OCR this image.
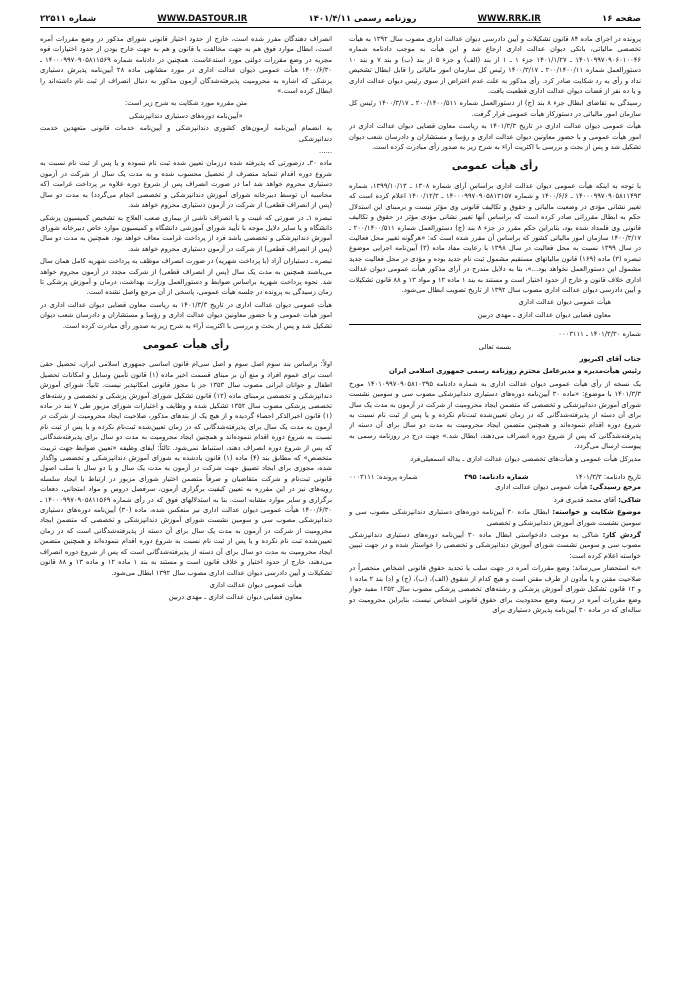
صفحه ۱۶
WWW.RRK.IR
روزنامه رسمی ۱۴۰۱/۴/۱۱
WWW.DASTOUR.IR
شماره ۲۲۵۱۱

پرونده در اجرای ماده ۸۴ قانون تشکیلات و آیین دادرسی دیوان عدالت اداری مصوب سال ۱۳۹۲ به هیأت تخصصی مالیاتی، بانکی دیوان عدالت اداری ارجاع شد و این هیأت به موجب دادنامه شماره ۱۴۰۱۰۹۹۷۰۹۰۶۰۱۰۰۴۶ ـ ۱۴۰۱/۱/۲۷ جزء ۱ ـ ۱ از بند (الف) و جزء ۵ از بند (ب) و بند ۷ و بند ۱۰ دستورالعمل شماره ۲۰۰/۱۴۰۰/۱۱ ـ ۱۴۰۰/۳/۱۷ رئیس کل سازمان امور مالیاتی را قابل ابطال تشخیص نداد و رأی به رد شکایت صادر کرد. رأی مذکور به علت عدم اعتراض از سوی رئیس دیوان عدالت اداری و یا ده نفر از قضات دیوان عدالت اداری قطعیت یافت.

رسیدگی به تقاضای ابطال جزء ۸ بند (ج) از دستورالعمل شماره ۲۰۰/۱۴۰۰/۵۱۱ ـ ۱۴۰۰/۳/۱۷ رئیس کل سازمان امور مالیاتی در دستورکار هیأت عمومی قرار گرفت.

هیأت عمومی دیوان عدالت اداری در تاریخ ۱۴۰۱/۳/۳ به ریاست معاون قضایی دیوان عدالت اداری در امور هیأت عمومی و با حضور معاونین دیوان عدالت اداری و رؤسا و مستشاران و دادرسان شعب دیوان تشکیل شد و پس از بحث و بررسی با اکثریت آراء به شرح زیر به صدور رأی مبادرت کرده است.

رأی هیأت عمومی

با توجه به اینکه هیأت عمومی دیوان عدالت اداری براساس آرای شماره ۱۳۰۸ ـ ۱۳۹۹/۱۰/۱۳، شماره ۱۴۰۰۰۹۹۷۰۹۰۵۸۱۱۴۹۳ ـ ۱۴۰۰/۶/۶ و شماره ۱۴۰۰۰۹۹۷۰۹۰۵۸۱۳۱۵۷ ـ ۱۴۰۰/۱۲/۳ اعلام کرده است که تغییر نشانی مؤدی در وضعیت مالیاتی و حقوق و تکالیف قانونی وی مؤثر نیست و برمبنای این استدلال حکم به ابطال مقرراتی صادر کرده است که براساس آنها تغییر نشانی مؤدی مؤثر در حقوق و تکالیف قانونی وی قلمداد شده بود، بنابراین حکم مقرر در جزء ۸ بند (ج) دستورالعمل شماره ۲۰۰/۱۴۰۰/۵۱۱ ـ ۱۴۰۰/۳/۱۷ سازمان امور مالیاتی کشور که براساس آن مقرر شده است که: «هرگونه تغییر محل فعالیت در سال ۱۳۹۹ نسبت به محل فعالیت در سال ۱۳۹۸ با رعایت مفاد ماده (۳) آیین‌نامه اجرایی موضوع تبصره (۳) ماده (۱۶۹) قانون مالیاتهای مستقیم مشمول ثبت نام جدید بوده و مؤدی در محل فعالیت جدید مشمول این دستورالعمل نخواهد بود...»، بنا به دلایل مندرج در آرای مذکور هیأت عمومی دیوان عدالت اداری خلاف قانون و خارج از حدود اختیار است و مستند به بند ۱ ماده ۱۲ و مواد ۱۳ و ۸۸ قانون تشکیلات و آیین دادرسی دیوان عدالت اداری مصوب سال ۱۳۹۲ از تاریخ تصویب ابطال می‌شود.

هیأت عمومی دیوان عدالت اداری

معاون قضایی دیوان عدالت اداری ـ مهدی دربین

شماره ۱۴۰۱/۳/۳۰ ـ ۰۰۰۳۱۱۱

بسمه تعالی

جناب آقای اکبرپور

رئیس هیأت‌مدیره و مدیرعامل محترم روزنامه رسمی جمهوری اسلامی ایران

یک نسخه از رأی هیأت عمومی دیوان عدالت اداری به شماره دادنامه ۱۴۰۱۰۹۹۷۰۹۰۵۸۱۰۳۹۵ مورخ ۱۴۰۱/۳/۳ با موضوع: «ماده ۳۰ آیین‌نامه دوره‌های دستیاری دندانپزشکی مصوب سی و سومین نشست شورای آموزش دندانپزشکی و تخصصی که متضمن ایجاد محرومیت از شرکت در آزمون به مدت یک سال برای آن دسته از پذیرفته‌شدگانی که در زمان تعیین‌شده ثبت‌نام نکرده و یا پس از ثبت نام نسبت به شروع دوره اقدام ننموده‌اند و همچنین متضمن ایجاد محرومیت به مدت دو سال برای آن دسته از پذیرفته‌شدگانی که پس از شروع دوره انصراف می‌دهند، ابطال شد.» جهت درج در روزنامه رسمی به پیوست ارسال می‌گردد.

مدیرکل هیأت عمومی و هیأت‌های تخصصی دیوان عدالت اداری ـ یداله اسمعیلی‌فرد

تاریخ دادنامه: ۱۴۰۱/۳/۳
شماره دادنامه: ۳۹۵
شماره پرونده: ۰۰۰۳۱۱۱

مرجع رسیدگی: هیأت عمومی دیوان عدالت اداری

شاکی: آقای محمد قدیری فرد

موضوع شکایت و خواسته: ابطال ماده ۳۰ آیین‌نامه دوره‌های دستیاری دندانپزشکی مصوب سی و سومین نشست شورای آموزش دندانپزشکی و تخصصی

گردش کار: شاکی به موجب دادخواستی ابطال ماده ۳۰ آیین‌نامه دوره‌های دستیاری دندانپزشکی مصوب سی و سومین نشست شورای آموزش دندانپزشکی و تخصصی را خواستار شده و در جهت تبیین خواسته اعلام کرده است:

«به استحضار می‌رساند: وضع مقررات آمره در جهت سلب یا تحدید حقوق قانونی اشخاص منحصراً در صلاحیت مقنن و یا مأذون از طرف مقنن است و هیچ کدام از شقوق (الف)، (ب)، (ج) و (د) بند ۲ ماده ۱ و ۱۲ قانون تشکیل شورای آموزش پزشکی و رشته‌های تخصصی پزشکی مصوب سال ۱۳۵۲ مفید جواز وضع مقررات آمره در زمینه وضع محدودیت برای حقوق قانونی اشخاص نیست، بنابراین محرومیت دو ساله‌ای که در ماده ۳۰ آیین‌نامه پذیرش دستیاری برای

انصراف دهندگان مقرر شده است، خارج از حدود اختیار قانونی شورای مذکور در وضع مقررات آمره است، ابطال موارد فوق هم به جهت مخالفت با قانون و هم به جهت خارج بودن از حدود اختیارات قوه مجریه در وضع مقررات دولتی مورد استدعاست. همچنین در دادنامه شماره ۱۴۰۰۰۹۹۷۰۹۰۵۸۱۱۵۶۹ ـ ۱۴۰۰/۶/۳۰ هیأت عمومی دیوان عدالت اداری در مورد مشابهی ماده ۲۸ آیین‌نامه پذیرش دستیاری پزشکی که اشاره به محرومیت پذیرفته‌شدگان آزمون مذکور به دنبال انصراف از ثبت نام داشته‌اند را ابطال کرده است.»

متن مقرره مورد شکایت به شرح زیر است:

«آیین‌نامه دوره‌های دستیاری دندانپزشکی

به انضمام آیین‌نامه آزمون‌های کشوری دندانپزشکی و آیین‌نامه خدمات قانونی متعهدین خدمت دندانپزشکی

......

ماده ۳۰ـ درصورتی که پذیرفته شده درزمان تعیین شده ثبت نام ننموده و یا پس از ثبت نام نسبت به شروع دوره اقدام ننماید منصرف از تحصیل محسوب شده و به مدت یک سال از شرکت در آزمون دستیاری محروم خواهد شد اما در صورت انصراف پس از شروع دوره علاوه بر پرداخت غرامت (که محاسبه آن توسط دبیرخانه شورای آموزش دندانپزشکی و تخصصی انجام می‌گردد) به مدت دو سال (پس از انصراف قطعی) از شرکت در آزمون دستیاری محروم خواهد شد.

تبصره ۱ـ در صورتی که غیبت و یا انصراف ناشی از بیماری صعب العلاج به تشخیص کمیسیون پزشکی دانشگاه و یا سایر دلایل موجه با تأیید شورای آموزشی دانشگاه و کمیسیون موارد خاص دبیرخانه شورای آموزش دندانپزشکی و تخصصی باشد فرد از پرداخت غرامت معاف خواهد بود. همچنین به مدت دو سال (پس از انصراف قطعی) از شرکت در آزمون دستیاری محروم خواهد شد.

تبصره ـ دستیاران آزاد (با پرداخت شهریه) در صورت انصراف موظف به پرداخت شهریه کامل همان سال می‌باشند همچنین به مدت یک سال (پس از انصراف قطعی) از شرکت مجدد در آزمون محروم خواهد شد. نحوه پرداخت شهریه براساس ضوابط و دستورالعمل وزارت بهداشت، درمان و آموزش پزشکی تا زمان رسیدگی به پرونده در جلسه هیأت عمومی، پاسخی از آن مرجع واصل نشده است.

هیأت عمومی دیوان عدالت اداری در تاریخ ۱۴۰۱/۳/۳ به ریاست معاون قضایی دیوان عدالت اداری در امور هیأت عمومی و با حضور معاونین دیوان عدالت اداری و رؤسا و مستشاران و دادرسان شعب دیوان تشکیل شد و پس از بحث و بررسی با اکثریت آراء به شرح زیر به صدور رأی مبادرت کرده است.

رأی هیأت عمومی

اولاً: براساس بند سوم اصل سوم و اصل سی‌ام قانون اساسی جمهوری اسلامی ایران، تحصیل حقی است برای عموم افراد و منع آن بر مبنای قسمت اخیر ماده (۱) قانون تأمین وسایل و امکانات تحصیل اطفال و جوانان ایرانی مصوب سال ۱۳۵۳ جز با مجوز قانونی امکانپذیر نیست. ثانیاً: شورای آموزش دندانپزشکی و تخصصی برمبنای ماده (۱۲) قانون تشکیل شورای آموزش پزشکی و تخصصی و رشته‌های تخصصی پزشکی مصوب سال ۱۳۵۲ تشکیل شده و وظایف و اختیارات شورای مزبور طی ۷ بند در ماده (۱) قانون اخیرالذکر احصاء گردیده و از هیچ یک از بندهای مذکور، صلاحیت ایجاد محرومیت از شرکت در آزمون به مدت یک سال برای پذیرفته‌شدگانی که در زمان تعیین‌شده ثبت‌نام نکرده و یا پس از ثبت نام نسبت به شروع دوره اقدام ننموده‌اند و همچنین ایجاد محرومیت به مدت دو سال برای پذیرفته‌شدگانی که پس از شروع دوره انصراف دهند، استنباط نمی‌شود. ثالثاً: اَیفای وظیفه «تعیین ضوابط جهت تربیت متخصص» که مطابق بند (۴) ماده (۱) قانون یادشده به شورای آموزش دندانپزشکی و تخصصی واگذار شده، مجوزی برای ایجاد تضییق جهت شرکت در آزمون به مدت یک سال و یا دو سال با سلب اصول قانونی ثبت‌نام و شرکت متقاضیان و صرفاً متضمن اختیار شورای مزبور در ارتباط با ایجاد سلسله رویه‌های نیز در این مقرره به تعیین کیفیت برگزاری آزمون، سرفصل دروس و مواد امتحانی، دفعات برگزاری و سایر موارد مشابه است. بنا به استدلالهای فوق که در رأی شماره ۱۴۰۰۰۹۹۷۰۹۰۵۸۱۱۵۶۹ ـ ۱۴۰۰/۶/۳۰ هیأت عمومی دیوان عدالت اداری نیز منعکس شده، ماده (۳۰) آیین‌نامه دوره‌های دستیاری دندانپزشکی مصوب سی و سومین نشست شورای آموزش دندانپزشکی و تخصصی که متضمن ایجاد محرومیت از شرکت در آزمون به مدت یک سال برای آن دسته از پذیرفته‌شدگانی است که در زمان تعیین‌شده ثبت نام نکرده و یا پس از ثبت نام نسبت به شروع دوره اقدام ننموده‌اند و همچنین متضمن ایجاد محرومیت به مدت دو سال برای آن دسته از پذیرفته‌شدگانی است که پس از شروع دوره انصراف می‌دهند، خارج از حدود اختیار و خلاف قانون است و مستند به بند ۱ ماده ۱۲ و ماده ۱۳ و ۸۸ قانون تشکیلات و آیین دادرسی دیوان عدالت اداری مصوب سال ۱۳۹۲ ابطال می‌شود.

هیأت عمومی دیوان عدالت اداری

معاون قضایی دیوان عدالت اداری ـ مهدی دربین
